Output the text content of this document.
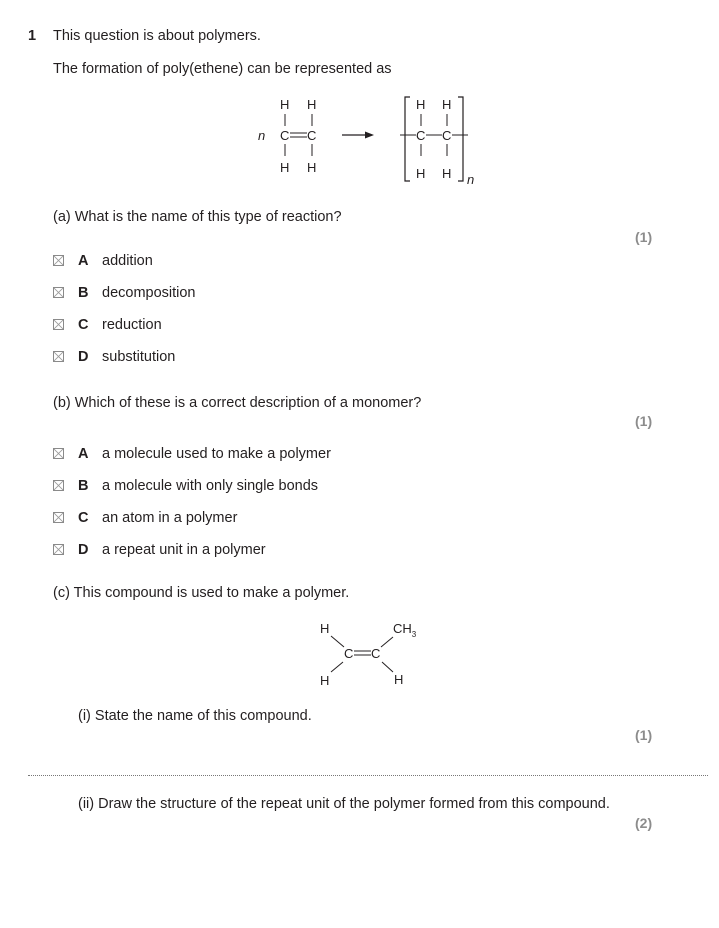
1 This question is about polymers.
The formation of poly(ethene) can be represented as
n
H H
C C
H H
H H
C C
H H n
(a) What is the name of this type of reaction?
(1)
A addition
B decomposition
C reduction
D substitution
(b) Which of these is a correct description of a monomer?
(1)
A a molecule used to make a polymer
B a molecule with only single bonds
C an atom in a polymer
D a repeat unit in a polymer
(c) This compound is used to make a polymer.
H	$CH_3$
C C
H	H
(i) State the name of this compound.
(1)
(ii) Draw the structure of the repeat unit of the polymer formed from this compound.
(2)
